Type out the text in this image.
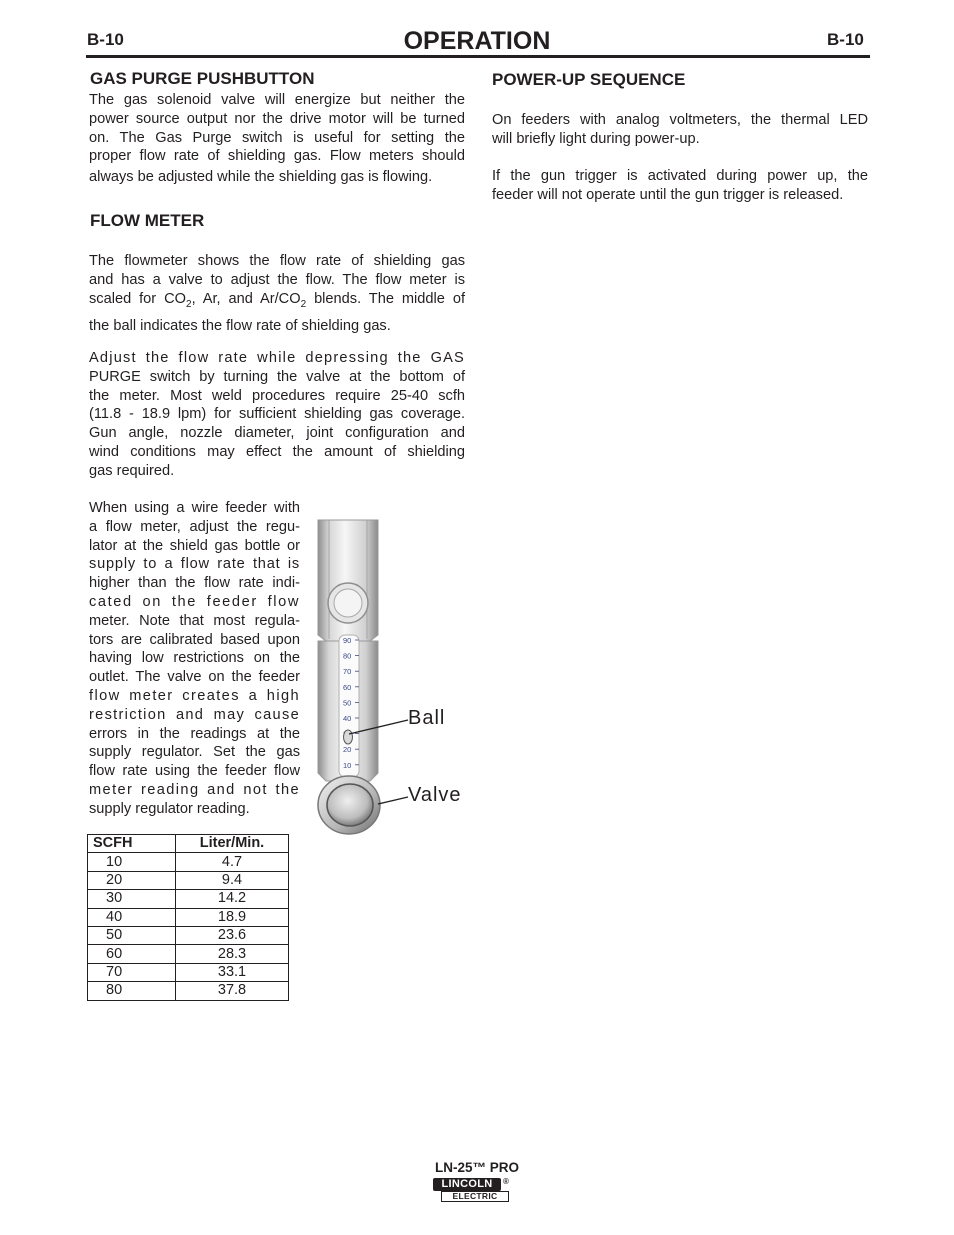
B-10	OPERATION	B-10
GAS PURGE PUSHBUTTON
The gas solenoid valve will energize but neither the
power source output nor the drive motor will be turned
on. The Gas Purge switch is useful for setting the
proper flow rate of shielding gas. Flow meters should
always be adjusted while the shielding gas is flowing.
FLOW METER
The flowmeter shows the flow rate of shielding gas
and has a valve to adjust the flow. The flow meter is
scaled for $CO_2$, Ar, and $Ar/CO_2$ blends. The middle of
the ball indicates the flow rate of shielding gas.
Adjust the flow rate while depressing the GAS
PURGE switch by turning the valve at the bottom of
the meter. Most weld procedures require 25-40 scfh
(11.8 - 18.9 lpm) for sufficient shielding gas coverage.
Gun angle, nozzle diameter, joint configuration and
wind conditions may effect the amount of shielding
gas required.
When using a wire feeder with
a flow meter, adjust the regu-
lator at the shield gas bottle or
supply to a flow rate that is
higher than the flow rate indi-
cated on the feeder flow
meter. Note that most regula-
tors are calibrated based upon
having low restrictions on the
outlet. The valve on the feeder
flow meter creates a high
restriction and may cause
errors in the readings at the
supply regulator. Set the gas
flow rate using the feeder flow
meter reading and not the
supply regulator reading.
90
80
70
60
50
40
20
10
Ball
Valve
SCFH	Liter/Min.
10	4.7
20	9.4
30	14.2
40	18.9
50	23.6
60	28.3
70	33.1
80	37.8
POWER-UP SEQUENCE
On feeders with analog voltmeters, the thermal LED
will briefly light during power-up.
If the gun trigger is activated during power up, the
feeder will not operate until the gun trigger is released.
LN-25™ PRO
LINCOLN	®
ELECTRIC
